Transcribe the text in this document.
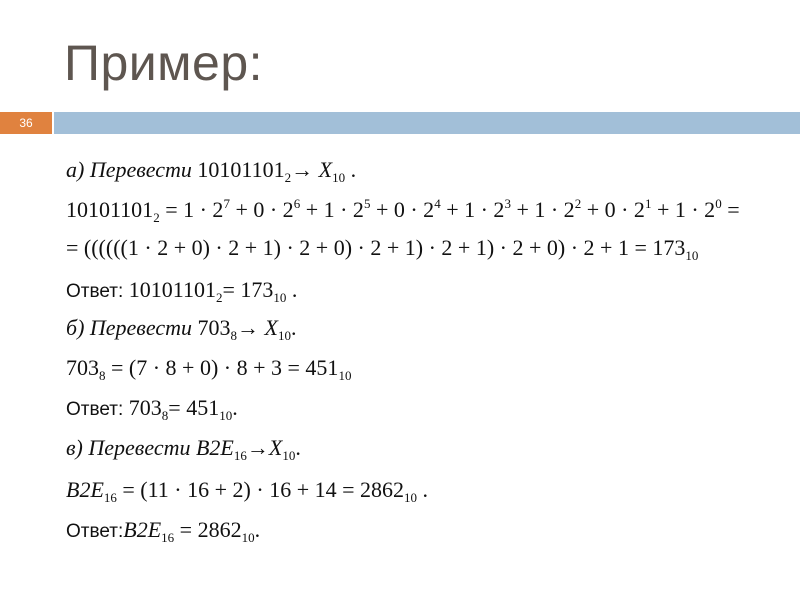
Пример:
36
а) Перевести $10101101_2\to X_{10}$ .
$10101101_2 = 1 \cdot 2^7 + 0 \cdot 2^6 + 1 \cdot 2^5 + 0 \cdot 2^4 + 1 \cdot 2^3 + 1 \cdot 2^2 + 0 \cdot 2^1 + 1 \cdot 2^0$ =
= $((((((1 \cdot 2 + 0) \cdot 2 + 1) \cdot 2 + 0) \cdot 2 + 1) \cdot 2 + 1) \cdot 2 + 0) \cdot 2 + 1 = 173_{10}$
Ответ: $10101101_2= 173_{10}$ .
б) Перевести $703_8\to X_{10}$.
$703_8 = (7 \cdot 8 + 0) \cdot 8 + 3 = 451_{10}$
Ответ: $703_8= 451_{10}$.
в) Перевести $B2E_{16}\to X_{10}$.
$B2E_{16} = (11 \cdot 16 + 2) \cdot 16 + 14 = 2862_{10}$ .
$Ответ:B2E_{16} = 2862_{10}$.
